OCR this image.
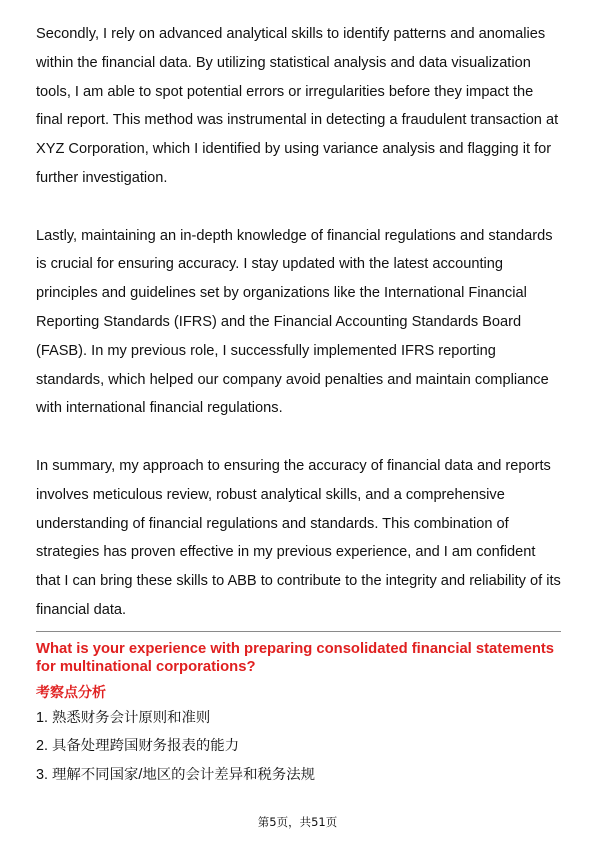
Secondly, I rely on advanced analytical skills to identify patterns and anomalies within the financial data. By utilizing statistical analysis and data visualization tools, I am able to spot potential errors or irregularities before they impact the final report. This method was instrumental in detecting a fraudulent transaction at XYZ Corporation, which I identified by using variance analysis and flagging it for further investigation.

Lastly, maintaining an in-depth knowledge of financial regulations and standards is crucial for ensuring accuracy. I stay updated with the latest accounting principles and guidelines set by organizations like the International Financial Reporting Standards (IFRS) and the Financial Accounting Standards Board (FASB). In my previous role, I successfully implemented IFRS reporting standards, which helped our company avoid penalties and maintain compliance with international financial regulations.

In summary, my approach to ensuring the accuracy of financial data and reports involves meticulous review, robust analytical skills, and a comprehensive understanding of financial regulations and standards. This combination of strategies has proven effective in my previous experience, and I am confident that I can bring these skills to ABB to contribute to the integrity and reliability of its financial data.

What is your experience with preparing consolidated financial statements for multinational corporations?

考察点分析

1. 熟悉财务会计原则和准则
2. 具备处理跨国财务报表的能力
3. 理解不同国家/地区的会计差异和税务法规
第5页，共51页
